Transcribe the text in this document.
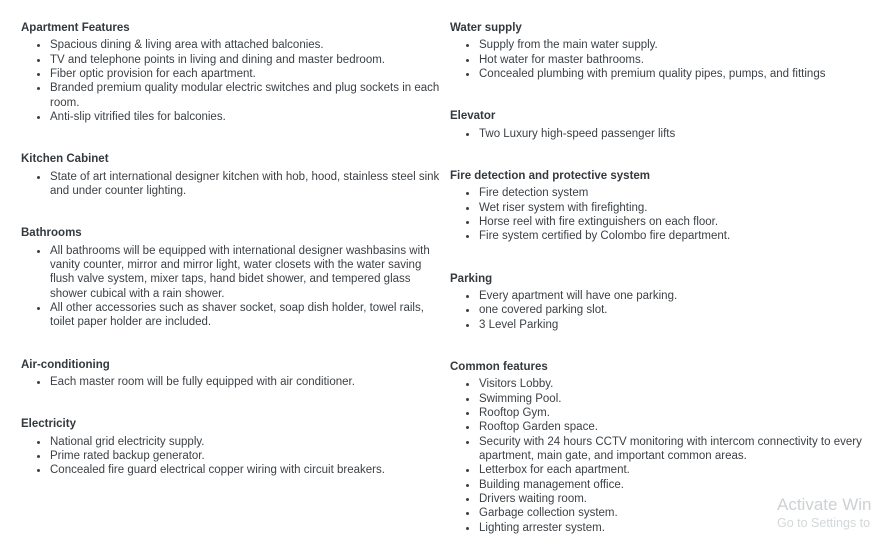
Apartment Features
• Spacious dining & living area with attached balconies.
• TV and telephone points in living and dining and master bedroom.
• Fiber optic provision for each apartment.
• Branded premium quality modular electric switches and plug sockets in each room.
• Anti-slip vitrified tiles for balconies.
Kitchen Cabinet
• State of art international designer kitchen with hob, hood, stainless steel sink and under counter lighting.
Bathrooms
• All bathrooms will be equipped with international designer washbasins with vanity counter, mirror and mirror light, water closets with the water saving flush valve system, mixer taps, hand bidet shower, and tempered glass shower cubical with a rain shower.
• All other accessories such as shaver socket, soap dish holder, towel rails, toilet paper holder are included.
Air-conditioning
• Each master room will be fully equipped with air conditioner.
Electricity
• National grid electricity supply.
• Prime rated backup generator.
• Concealed fire guard electrical copper wiring with circuit breakers.
Water supply
• Supply from the main water supply.
• Hot water for master bathrooms.
• Concealed plumbing with premium quality pipes, pumps, and fittings
Elevator
• Two Luxury high-speed passenger lifts
Fire detection and protective system
• Fire detection system
• Wet riser system with firefighting.
• Horse reel with fire extinguishers on each floor.
• Fire system certified by Colombo fire department.
Parking
• Every apartment will have one parking.
• one covered parking slot.
• 3 Level Parking
Common features
• Visitors Lobby.
• Swimming Pool.
• Rooftop Gym.
• Rooftop Garden space.
• Security with 24 hours CCTV monitoring with intercom connectivity to every apartment, main gate, and important common areas.
• Letterbox for each apartment.
• Building management office.
• Drivers waiting room.
• Garbage collection system.
• Lighting arrester system.
Activate Win
Go to Settings to
